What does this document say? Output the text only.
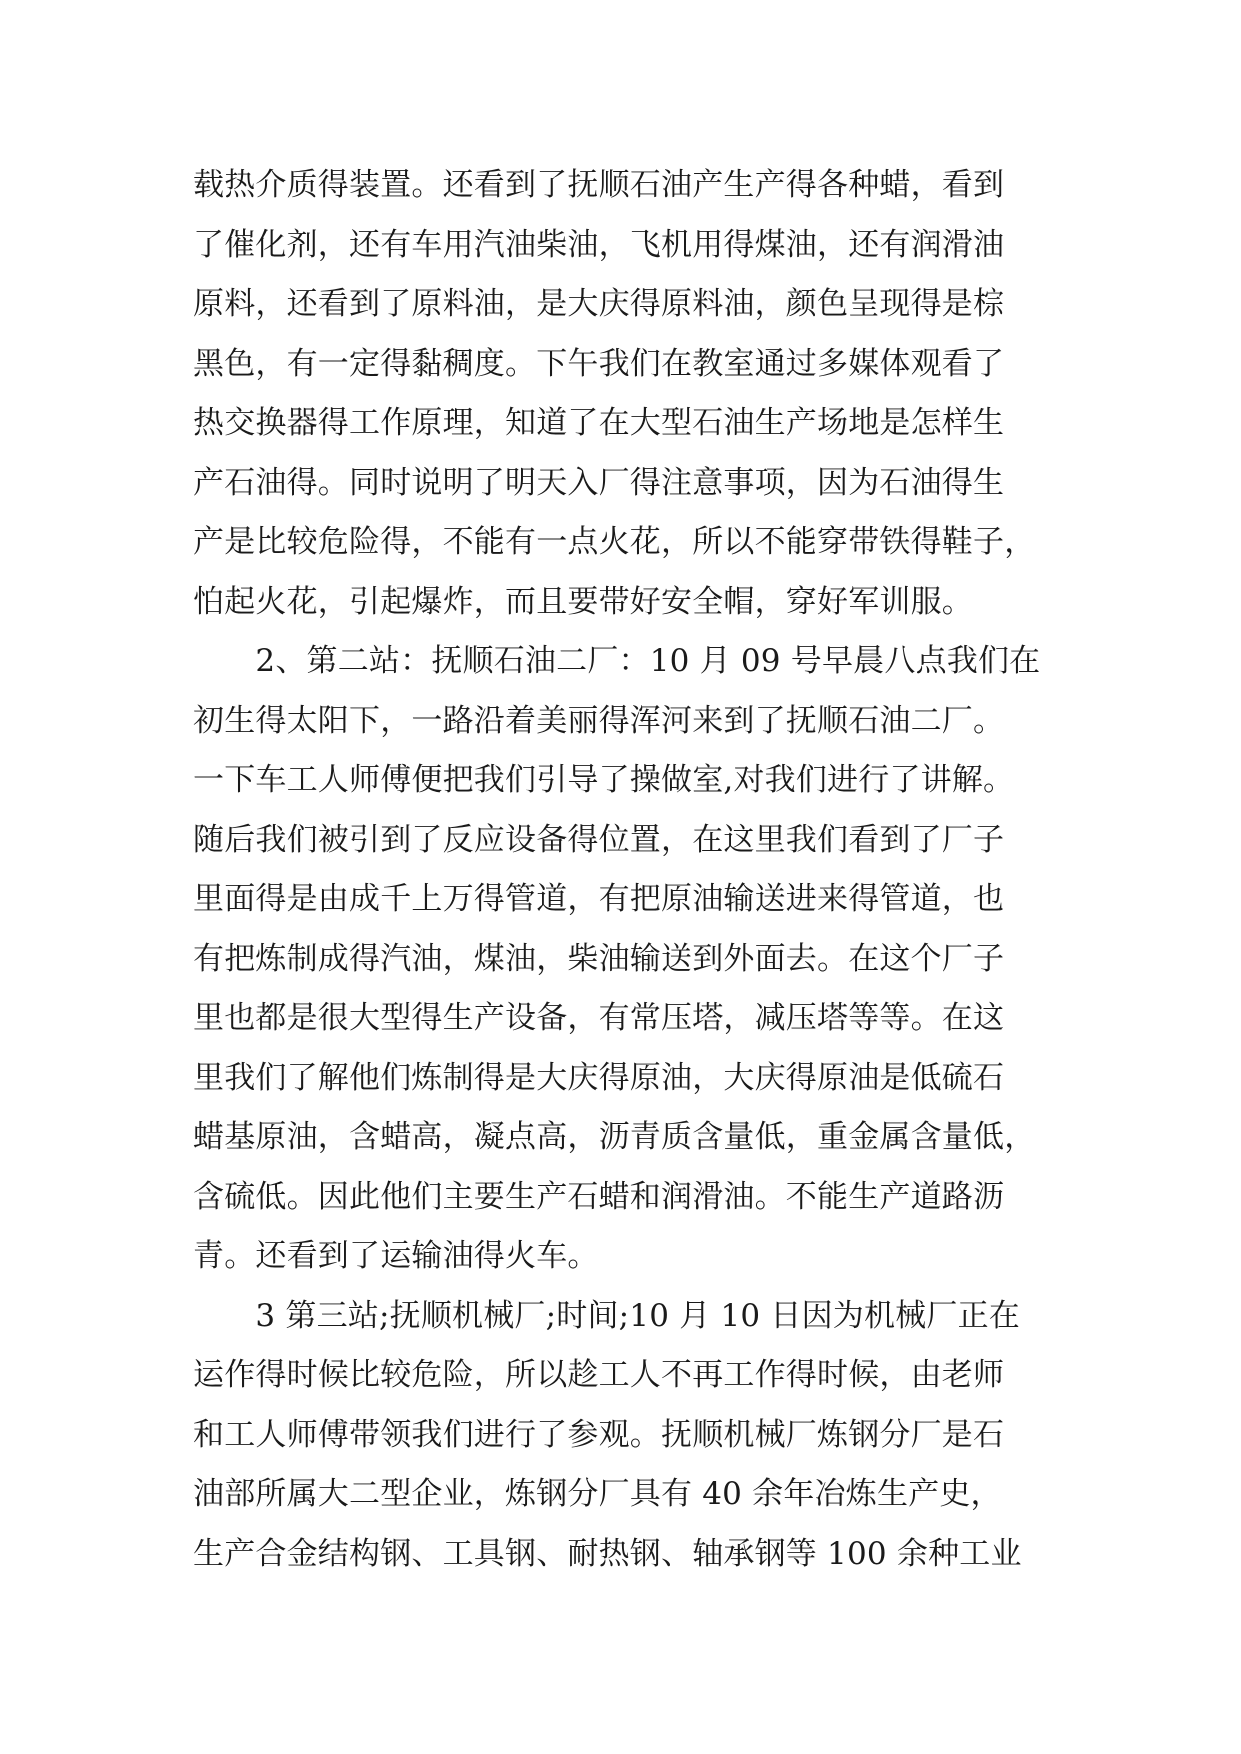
载热介质得装置。还看到了抚顺石油产生产得各种蜡，看到
了催化剂，还有车用汽油柴油，飞机用得煤油，还有润滑油
原料，还看到了原料油，是大庆得原料油，颜色呈现得是棕
黑色，有一定得黏稠度。下午我们在教室通过多媒体观看了
热交换器得工作原理，知道了在大型石油生产场地是怎样生
产石油得。同时说明了明天入厂得注意事项，因为石油得生
产是比较危险得，不能有一点火花，所以不能穿带铁得鞋子，
怕起火花，引起爆炸，而且要带好安全帽，穿好军训服。
　　2、第二站：抚顺石油二厂：10 月 09 号早晨八点我们在
初生得太阳下，一路沿着美丽得浑河来到了抚顺石油二厂。
一下车工人师傅便把我们引导了操做室,对我们进行了讲解。
随后我们被引到了反应设备得位置，在这里我们看到了厂子
里面得是由成千上万得管道，有把原油输送进来得管道，也
有把炼制成得汽油，煤油，柴油输送到外面去。在这个厂子
里也都是很大型得生产设备，有常压塔，减压塔等等。在这
里我们了解他们炼制得是大庆得原油，大庆得原油是低硫石
蜡基原油，含蜡高，凝点高，沥青质含量低，重金属含量低，
含硫低。因此他们主要生产石蜡和润滑油。不能生产道路沥
青。还看到了运输油得火车。
　　3 第三站;抚顺机械厂;时间;10 月 10 日因为机械厂正在
运作得时候比较危险，所以趁工人不再工作得时候，由老师
和工人师傅带领我们进行了参观。抚顺机械厂炼钢分厂是石
油部所属大二型企业，炼钢分厂具有 40 余年冶炼生产史，
生产合金结构钢、工具钢、耐热钢、轴承钢等 100 余种工业
